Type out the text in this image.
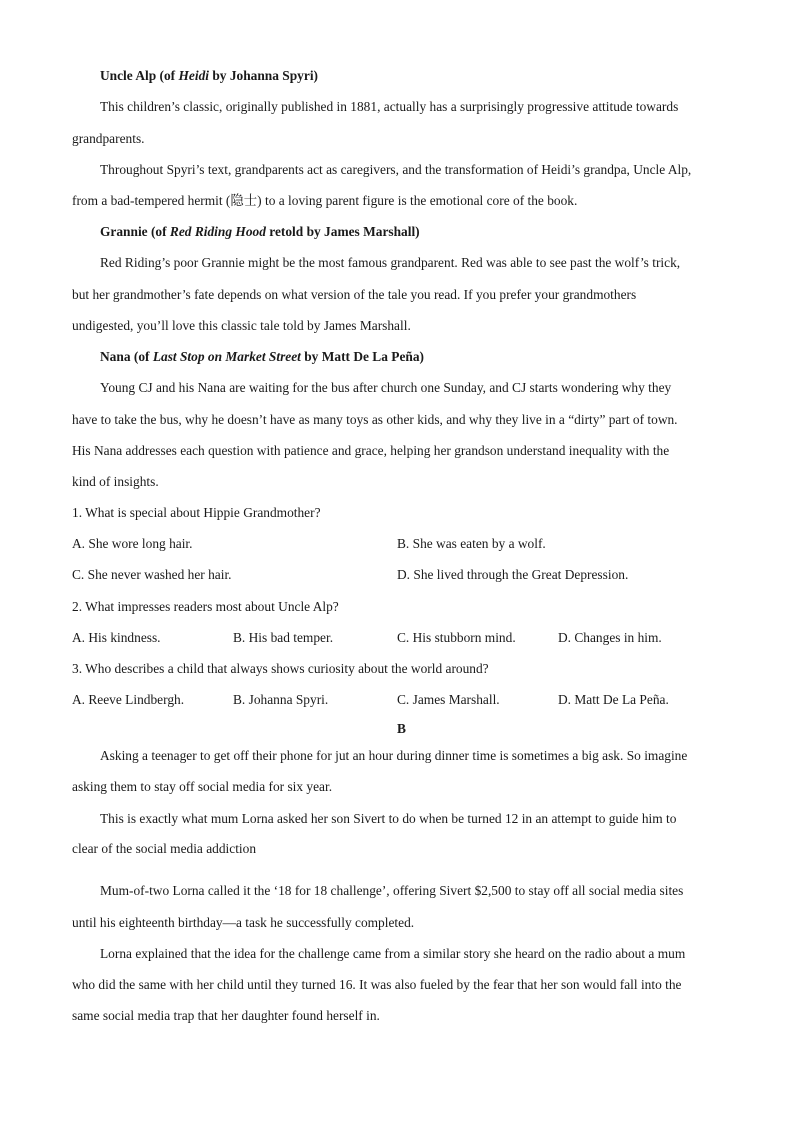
Uncle Alp (of Heidi by Johanna Spyri)
This children’s classic, originally published in 1881, actually has a surprisingly progressive attitude towards
grandparents.
Throughout Spyri’s text, grandparents act as caregivers, and the transformation of Heidi’s grandpa, Uncle Alp,
from a bad-tempered hermit (隐士) to a loving parent figure is the emotional core of the book.
Grannie (of Red Riding Hood retold by James Marshall)
Red Riding’s poor Grannie might be the most famous grandparent. Red was able to see past the wolf’s trick,
but her grandmother’s fate depends on what version of the tale you read. If you prefer your grandmothers
undigested, you’ll love this classic tale told by James Marshall.
Nana (of Last Stop on Market Street by Matt De La Peña)
Young CJ and his Nana are waiting for the bus after church one Sunday, and CJ starts wondering why they
have to take the bus, why he doesn’t have as many toys as other kids, and why they live in a “dirty” part of town.
His Nana addresses each question with patience and grace, helping her grandson understand inequality with the
kind of insights.
1. What is special about Hippie Grandmother?
A. She wore long hair.	B. She was eaten by a wolf.
C. She never washed her hair.	D. She lived through the Great Depression.
2. What impresses readers most about Uncle Alp?
A. His kindness.	B. His bad temper.	C. His stubborn mind.	D. Changes in him.
3. Who describes a child that always shows curiosity about the world around?
A. Reeve Lindbergh.	B. Johanna Spyri.	C. James Marshall.	D. Matt De La Peña.
Asking a teenager to get off their phone for jut an hour during dinner time is sometimes a big ask. So imagine
asking them to stay off social media for six year.
This is exactly what mum Lorna asked her son Sivert to do when be turned 12 in an attempt to guide him to
clear of the social media addiction
Mum-of-two Lorna called it the ‘18 for 18 challenge’, offering Sivert $2,500 to stay off all social media sites
until his eighteenth birthday—a task he successfully completed.
Lorna explained that the idea for the challenge came from a similar story she heard on the radio about a mum
who did the same with her child until they turned 16. It was also fueled by the fear that her son would fall into the
same social media trap that her daughter found herself in.
